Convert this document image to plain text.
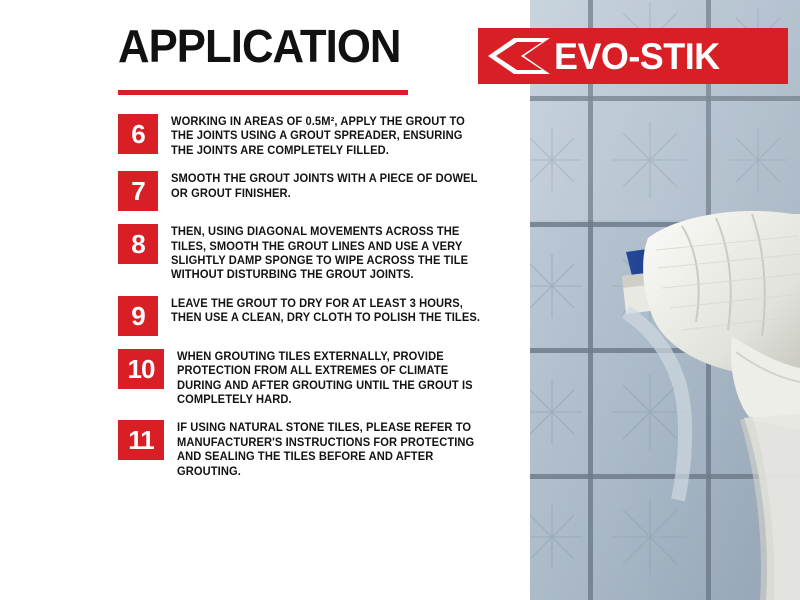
APPLICATION
6	WORKING IN AREAS OF 0.5M², APPLY THE GROUT TO THE JOINTS USING A GROUT SPREADER, ENSURING THE JOINTS ARE COMPLETELY FILLED.
7	SMOOTH THE GROUT JOINTS WITH A PIECE OF DOWEL OR GROUT FINISHER.
8	THEN, USING DIAGONAL MOVEMENTS ACROSS THE TILES, SMOOTH THE GROUT LINES AND USE A VERY SLIGHTLY DAMP SPONGE TO WIPE ACROSS THE TILE WITHOUT DISTURBING THE GROUT JOINTS.
9	LEAVE THE GROUT TO DRY FOR AT LEAST 3 HOURS, THEN USE A CLEAN, DRY CLOTH TO POLISH THE TILES.
10	WHEN GROUTING TILES EXTERNALLY, PROVIDE PROTECTION FROM ALL EXTREMES OF CLIMATE DURING AND AFTER GROUTING UNTIL THE GROUT IS COMPLETELY HARD.
11	IF USING NATURAL STONE TILES, PLEASE REFER TO MANUFACTURER'S INSTRUCTIONS FOR PROTECTING AND SEALING THE TILES BEFORE AND AFTER GROUTING.
EVO-STIK
